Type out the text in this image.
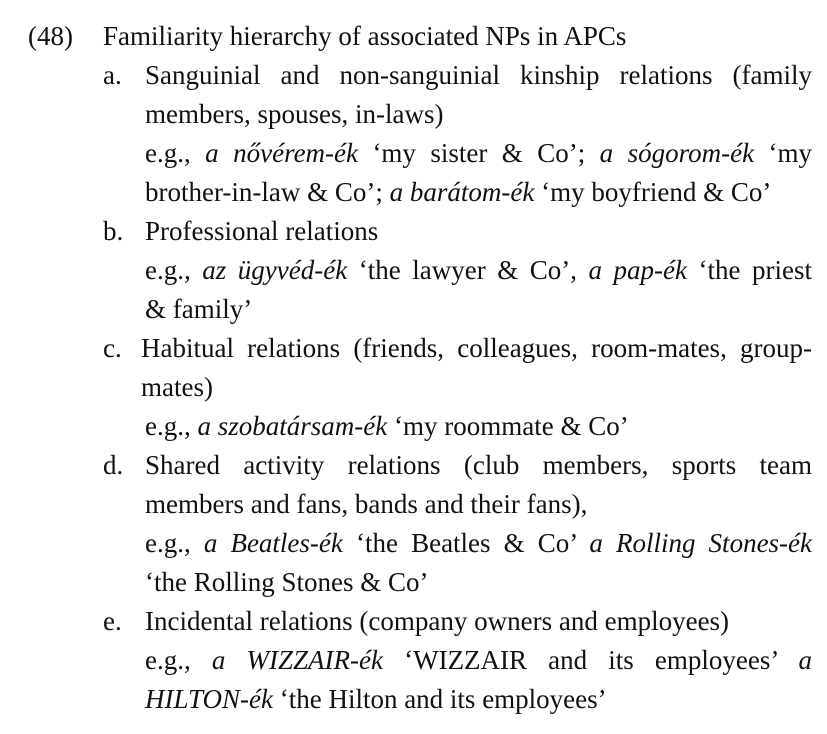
(48) Familiarity hierarchy of associated NPs in APCs
a. Sanguinial and non-sanguinial kinship relations (family
members, spouses, in-laws)
e.g., a nővérem-ék ‘my sister & Co’; a sógorom-ék ‘my
brother-in-law & Co’; a barátom-ék ‘my boyfriend & Co’
b. Professional relations
e.g., az ügyvéd-ék ‘the lawyer & Co’, a pap-ék ‘the priest
& family’
c. Habitual relations (friends, colleagues, room-mates, group-
mates)
e.g., a szobatársam-ék ‘my roommate & Co’
d. Shared activity relations (club members, sports team
members and fans, bands and their fans),
e.g., a Beatles-ék ‘the Beatles & Co’ a Rolling Stones-ék
‘the Rolling Stones & Co’
e. Incidental relations (company owners and employees)
e.g., a WIZZAIR-ék ‘WIZZAIR and its employees’ a
HILTON-ék ‘the Hilton and its employees’
